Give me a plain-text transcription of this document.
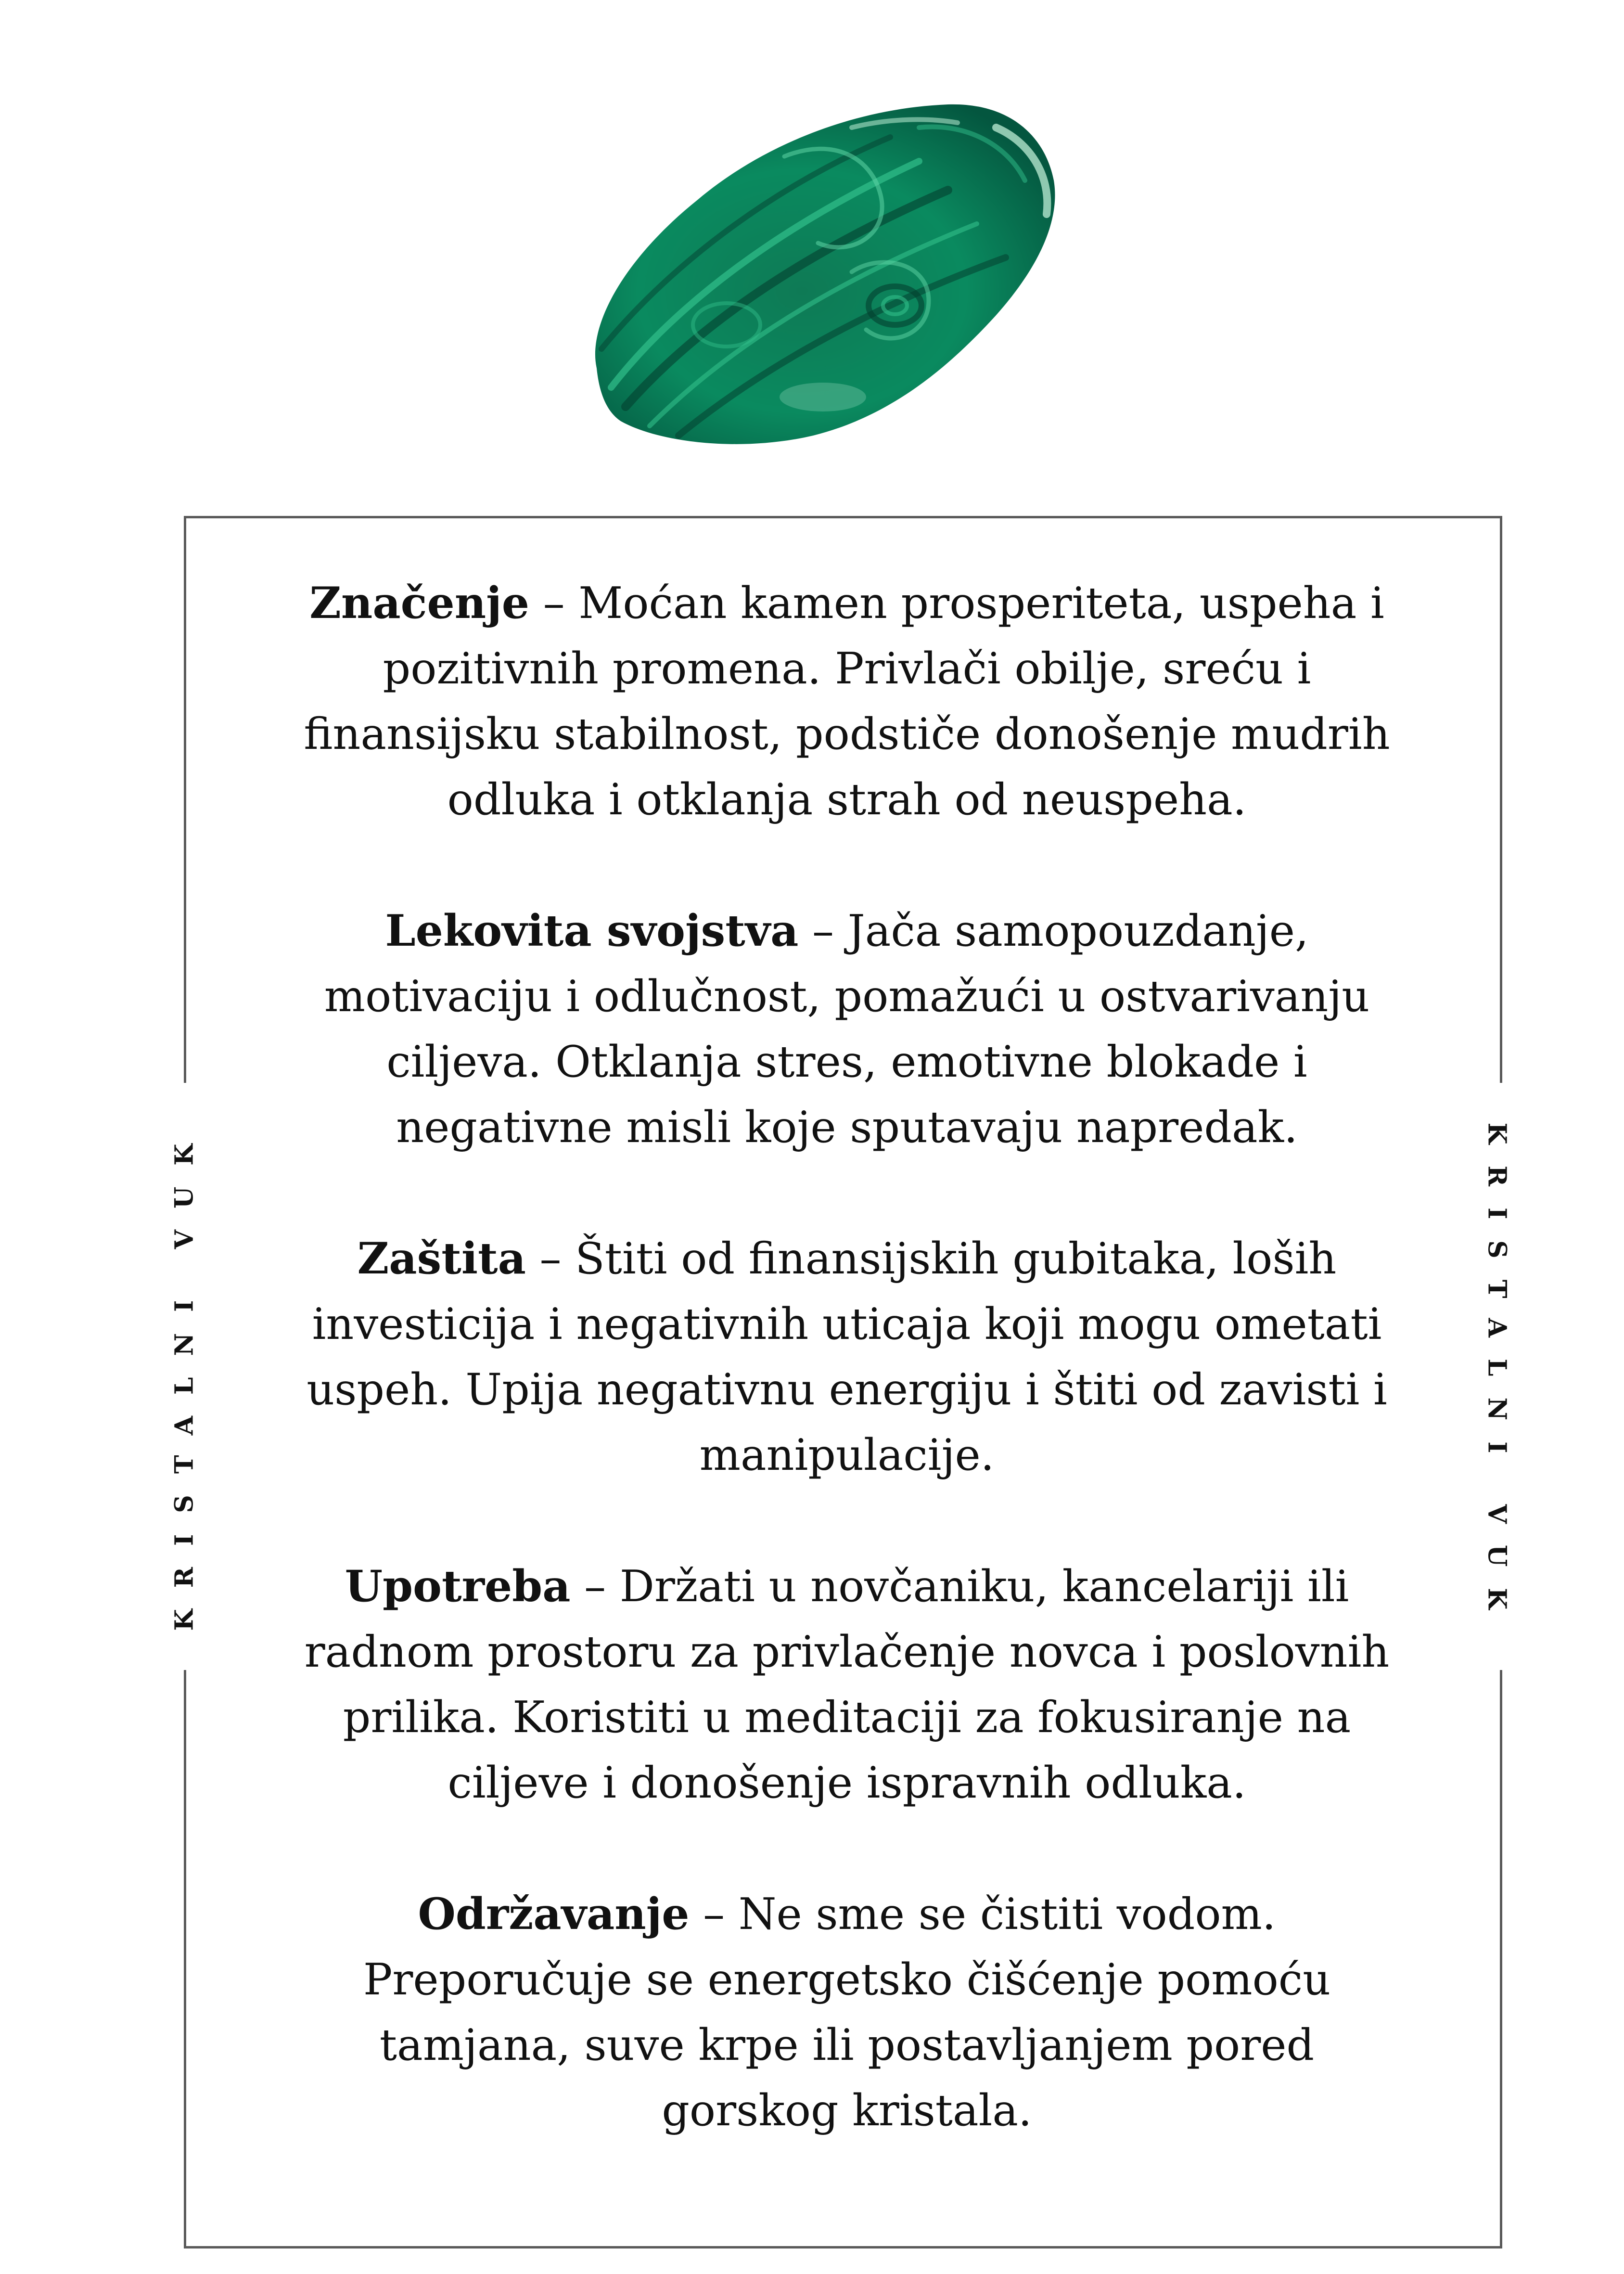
KRISTALNI VUK	KRISTALNI VUK

Značenje – Moćan kamen prosperiteta, uspeha i pozitivnih promena. Privlači obilje, sreću i finansijsku stabilnost, podstiče donošenje mudrih odluka i otklanja strah od neuspeha.

Lekovita svojstva – Jača samopouzdanje, motivaciju i odlučnost, pomažući u ostvarivanju ciljeva. Otklanja stres, emotivne blokade i negativne misli koje sputavaju napredak.

Zaštita – Štiti od finansijskih gubitaka, loših investicija i negativnih uticaja koji mogu ometati uspeh. Upija negativnu energiju i štiti od zavisti i manipulacije.

Upotreba – Držati u novčaniku, kancelariji ili radnom prostoru za privlačenje novca i poslovnih prilika. Koristiti u meditaciji za fokusiranje na ciljeve i donošenje ispravnih odluka.

Održavanje – Ne sme se čistiti vodom. Preporučuje se energetsko čišćenje pomoću tamjana, suve krpe ili postavljanjem pored gorskog kristala.
